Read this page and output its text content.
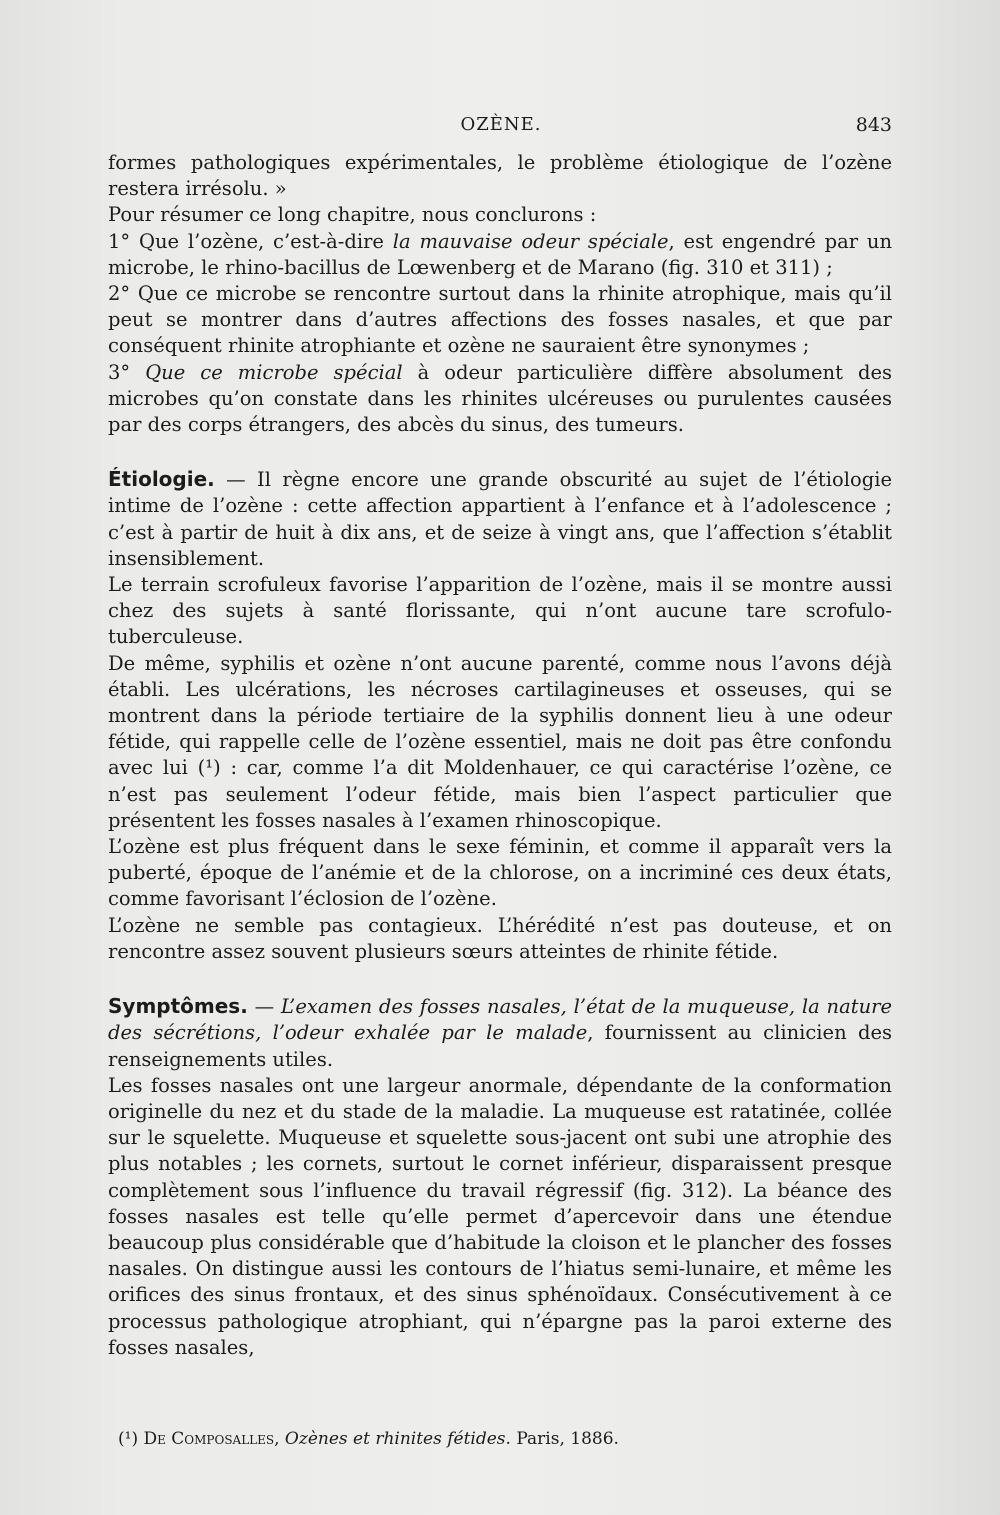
OZÈNE.	843

formes pathologiques expérimentales, le problème étiologique de l’ozène restera irrésolu. »

Pour résumer ce long chapitre, nous conclurons :

1° Que l’ozène, c’est-à-dire la mauvaise odeur spéciale, est engendré par un microbe, le rhino-bacillus de Lœwenberg et de Marano (fig. 310 et 311) ;

2° Que ce microbe se rencontre surtout dans la rhinite atrophique, mais qu’il peut se montrer dans d’autres affections des fosses nasales, et que par conséquent rhinite atrophiante et ozène ne sauraient être synonymes ;

3° Que ce microbe spécial à odeur particulière diffère absolument des microbes qu’on constate dans les rhinites ulcéreuses ou purulentes causées par des corps étrangers, des abcès du sinus, des tumeurs.

Étiologie. — Il règne encore une grande obscurité au sujet de l’étiologie intime de l’ozène : cette affection appartient à l’enfance et à l’adolescence ; c’est à partir de huit à dix ans, et de seize à vingt ans, que l’affection s’établit insensiblement.

Le terrain scrofuleux favorise l’apparition de l’ozène, mais il se montre aussi chez des sujets à santé florissante, qui n’ont aucune tare scrofulo-tuberculeuse.

De même, syphilis et ozène n’ont aucune parenté, comme nous l’avons déjà établi. Les ulcérations, les nécroses cartilagineuses et osseuses, qui se montrent dans la période tertiaire de la syphilis donnent lieu à une odeur fétide, qui rappelle celle de l’ozène essentiel, mais ne doit pas être confondu avec lui (¹) : car, comme l’a dit Moldenhauer, ce qui caractérise l’ozène, ce n’est pas seulement l’odeur fétide, mais bien l’aspect particulier que présentent les fosses nasales à l’examen rhinoscopique.

L’ozène est plus fréquent dans le sexe féminin, et comme il apparaît vers la puberté, époque de l’anémie et de la chlorose, on a incriminé ces deux états, comme favorisant l’éclosion de l’ozène.

L’ozène ne semble pas contagieux. L’hérédité n’est pas douteuse, et on rencontre assez souvent plusieurs sœurs atteintes de rhinite fétide.

Symptômes. — L’examen des fosses nasales, l’état de la muqueuse, la nature des sécrétions, l’odeur exhalée par le malade, fournissent au clinicien des renseignements utiles.

Les fosses nasales ont une largeur anormale, dépendante de la conformation originelle du nez et du stade de la maladie. La muqueuse est ratatinée, collée sur le squelette. Muqueuse et squelette sous-jacent ont subi une atrophie des plus notables ; les cornets, surtout le cornet inférieur, disparaissent presque complètement sous l’influence du travail régressif (fig. 312). La béance des fosses nasales est telle qu’elle permet d’apercevoir dans une étendue beaucoup plus considérable que d’habitude la cloison et le plancher des fosses nasales. On distingue aussi les contours de l’hiatus semi-lunaire, et même les orifices des sinus frontaux, et des sinus sphénoïdaux. Consécutivement à ce processus pathologique atrophiant, qui n’épargne pas la paroi externe des fosses nasales,

(¹) De Composalles, Ozènes et rhinites fétides. Paris, 1886.
